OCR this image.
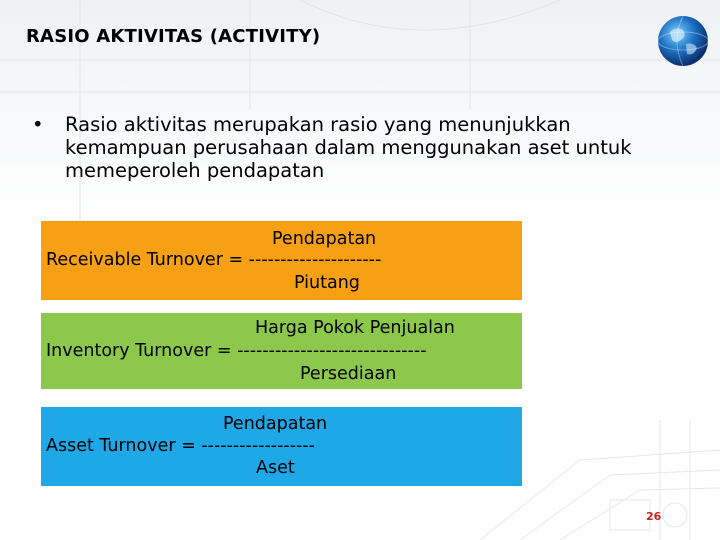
RASIO AKTIVITAS (ACTIVITY)
• Rasio aktivitas merupakan rasio yang menunjukkan kemampuan perusahaan dalam menggunakan aset untuk memeperoleh pendapatan
Pendapatan
Receivable Turnover = ---------------------
Piutang
Harga Pokok Penjualan
Inventory Turnover = ------------------------------
Persediaan
Pendapatan
Asset Turnover = ------------------
Aset
26
